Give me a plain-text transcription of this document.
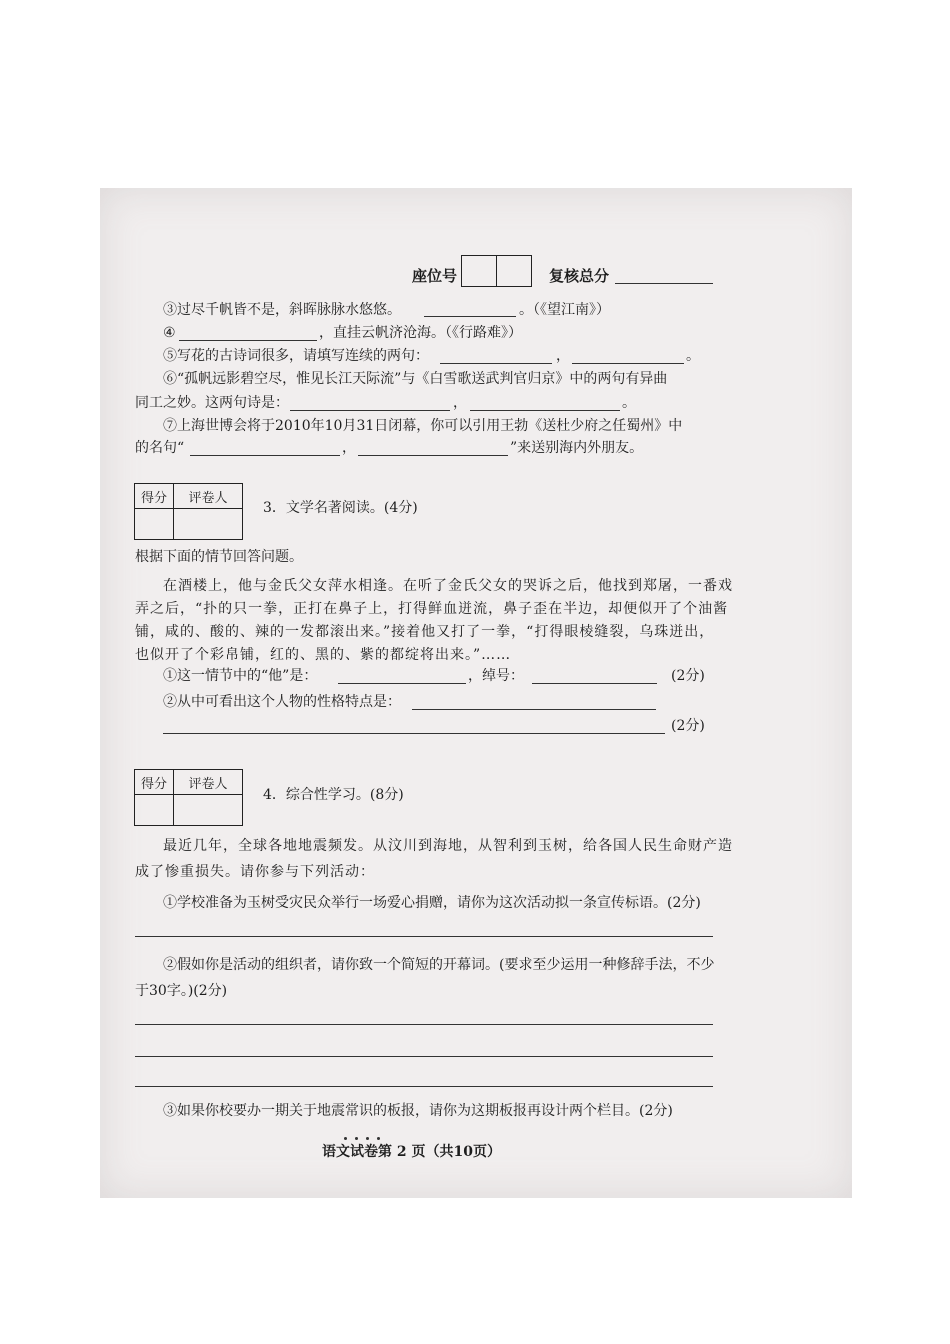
座位号	复核总分
③过尽千帆皆不是，斜晖脉脉水悠悠。	。（《望江南》）
④	，直挂云帆济沧海。（《行路难》）
⑤写花的古诗词很多，请填写连续的两句：	，	。
⑥“孤帆远影碧空尽，惟见长江天际流”与《白雪歌送武判官归京》中的两句有异曲
同工之妙。这两句诗是：	，	。
⑦上海世博会将于2010年10月31日闭幕，你可以引用王勃《送杜少府之任蜀州》中
的名句“	，	”来送别海内外朋友。
得分	评卷人

3．文学名著阅读。(4分)
根据下面的情节回答问题。
在酒楼上，他与金氏父女萍水相逢。在听了金氏父女的哭诉之后，他找到郑屠，一番戏
弄之后，“扑的只一拳，正打在鼻子上，打得鲜血迸流，鼻子歪在半边，却便似开了个油酱
铺，咸的、酸的、辣的一发都滚出来。”接着他又打了一拳，“打得眼棱缝裂，乌珠迸出，
也似开了个彩帛铺，红的、黑的、紫的都绽将出来。”……
①这一情节中的“他”是：	，绰号：	(2分)
②从中可看出这个人物的性格特点是：
(2分)
得分	评卷人

4．综合性学习。(8分)
最近几年，全球各地地震频发。从汶川到海地，从智利到玉树，给各国人民生命财产造
成了惨重损失。请你参与下列活动：
①学校准备为玉树受灾民众举行一场爱心捐赠，请你为这次活动拟一条宣传标语。(2分)
②假如你是活动的组织者，请你致一个简短的开幕词。(要求至少运用一种修辞手法，不少
于30字。)(2分)
③如果你校要办一期关于地震常识的板报，请你为这期板报再设计两个栏目。(2分)
语文试卷第 2 页（共10页）
